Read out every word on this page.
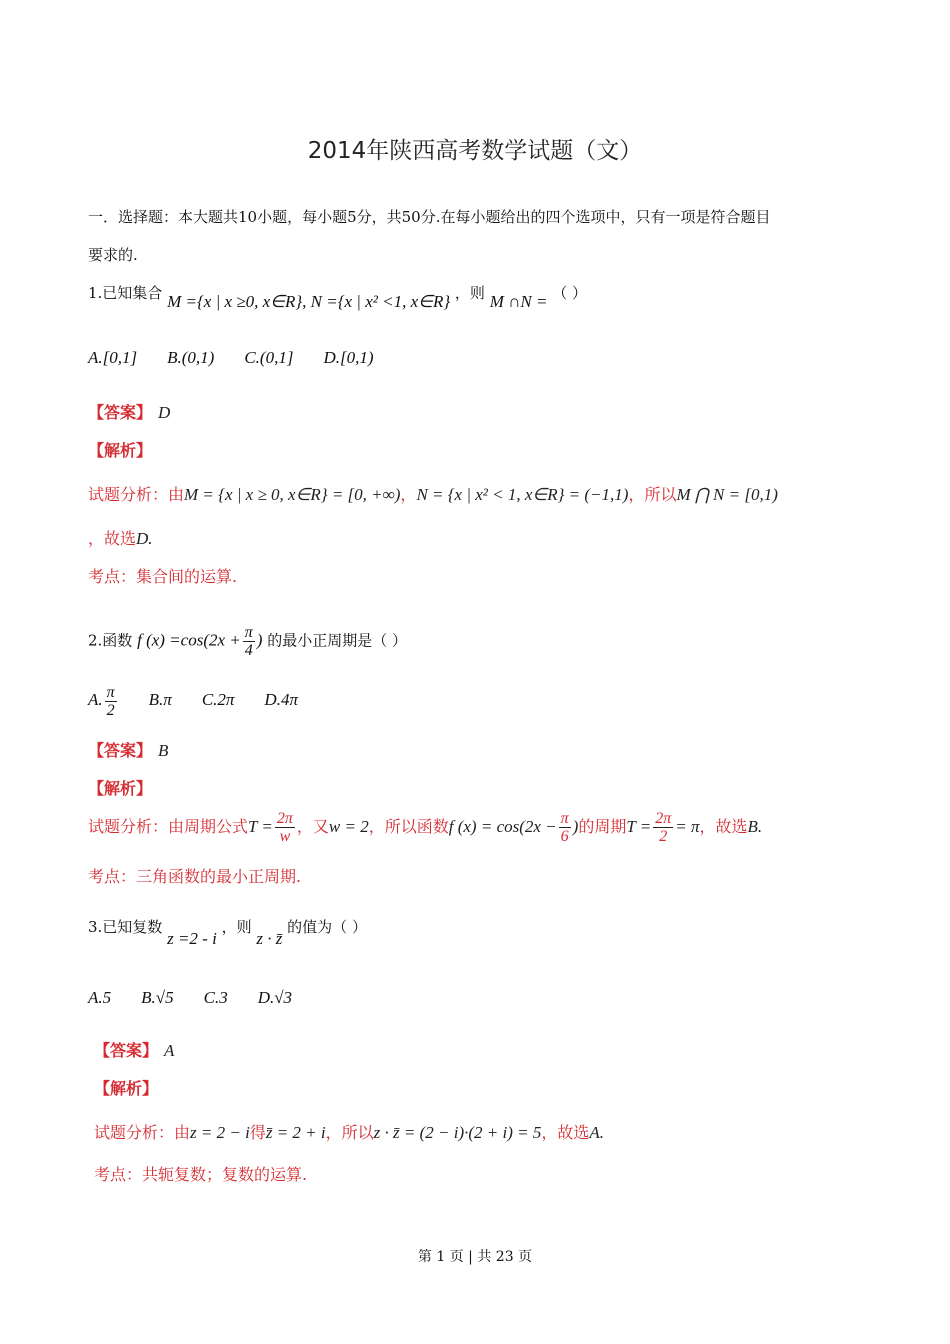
2014年陕西高考数学试题（文）
一．选择题：本大题共10小题，每小题5分，共50分.在每小题给出的四个选项中，只有一项是符合题目
要求的.
1.已知集合 M ={x | x ≥0, x∈R}, N ={x | x² <1, x∈R} ，则 M ∩N = （ ）
A.[0,1] B.(0,1) C.(0,1] D.[0,1)
【答案】 D
【解析】
试题分析：由M = {x | x ≥ 0, x∈R} = [0, +∞)，N = {x | x² < 1, x∈R} = (−1,1)，所以M ⋂ N = [0,1)
，故选D.
考点：集合间的运算.
2.函数 f $(x) =\cos(2x + \frac{\pi}{4}$ ) 的最小正周期是（ ）
A. $\frac{\pi}{2} B.\pi$ C.2π D.4π
【答案】 B
【解析】
试题分析：由周期公式$T = \frac{2\pi}{w}$ ，又w = 2，所以函数f $(x) = \cos(2x - \frac{\pi}{6}$ )的周期$T = \frac{2\pi}{2} = \pi$，故选B.
考点：三角函数的最小正周期.
3.已知复数 z =2 - i ，则 z · z̄ 的值为（ ）
A.5 B.√5 C.3 D.√3
【答案】 A
【解析】
试题分析：由z = 2 − i得z̄ = 2 + i，所以z · z̄ = (2 − i)·(2 + i) = 5，故选A.
考点：共轭复数；复数的运算.
第 1 页 | 共 23 页
